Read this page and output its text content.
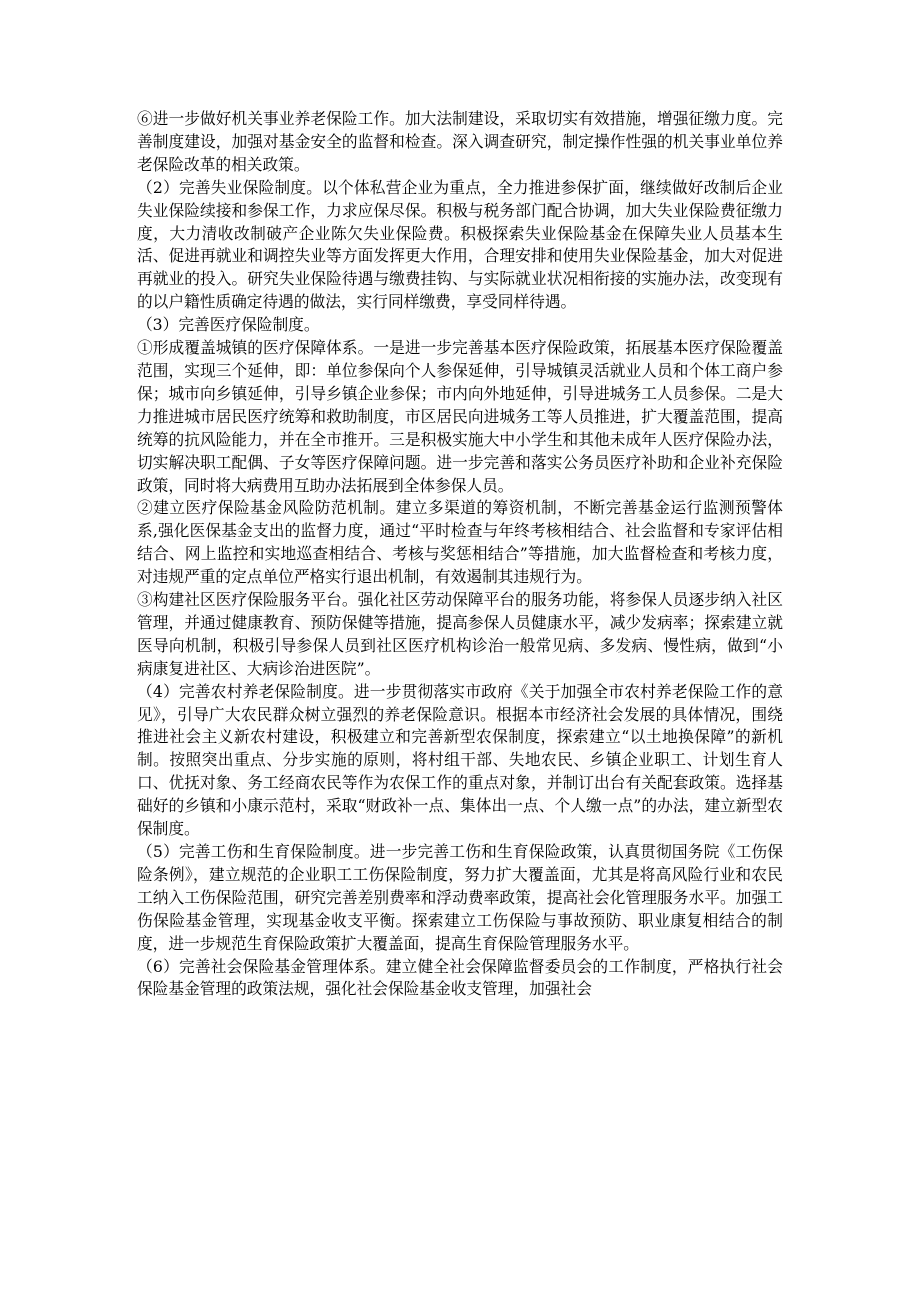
⑥进一步做好机关事业养老保险工作。加大法制建设，采取切实有效措施，增强征缴力度。完善制度建设，加强对基金安全的监督和检查。深入调查研究，制定操作性强的机关事业单位养老保险改革的相关政策。

（2）完善失业保险制度。以个体私营企业为重点，全力推进参保扩面，继续做好改制后企业失业保险续接和参保工作，力求应保尽保。积极与税务部门配合协调，加大失业保险费征缴力度，大力清收改制破产企业陈欠失业保险费。积极探索失业保险基金在保障失业人员基本生活、促进再就业和调控失业等方面发挥更大作用，合理安排和使用失业保险基金，加大对促进再就业的投入。研究失业保险待遇与缴费挂钩、与实际就业状况相衔接的实施办法，改变现有的以户籍性质确定待遇的做法，实行同样缴费，享受同样待遇。

（3）完善医疗保险制度。

①形成覆盖城镇的医疗保障体系。一是进一步完善基本医疗保险政策，拓展基本医疗保险覆盖范围，实现三个延伸，即：单位参保向个人参保延伸，引导城镇灵活就业人员和个体工商户参保；城市向乡镇延伸，引导乡镇企业参保；市内向外地延伸，引导进城务工人员参保。二是大力推进城市居民医疗统筹和救助制度，市区居民向进城务工等人员推进，扩大覆盖范围，提高统筹的抗风险能力，并在全市推开。三是积极实施大中小学生和其他未成年人医疗保险办法，切实解决职工配偶、子女等医疗保障问题。进一步完善和落实公务员医疗补助和企业补充保险政策，同时将大病费用互助办法拓展到全体参保人员。

②建立医疗保险基金风险防范机制。建立多渠道的筹资机制，不断完善基金运行监测预警体系,强化医保基金支出的监督力度，通过“平时检查与年终考核相结合、社会监督和专家评估相结合、网上监控和实地巡查相结合、考核与奖惩相结合”等措施，加大监督检查和考核力度，对违规严重的定点单位严格实行退出机制，有效遏制其违规行为。

③构建社区医疗保险服务平台。强化社区劳动保障平台的服务功能，将参保人员逐步纳入社区管理，并通过健康教育、预防保健等措施，提高参保人员健康水平，减少发病率；探索建立就医导向机制，积极引导参保人员到社区医疗机构诊治一般常见病、多发病、慢性病，做到“小病康复进社区、大病诊治进医院”。

（4）完善农村养老保险制度。进一步贯彻落实市政府《关于加强全市农村养老保险工作的意见》，引导广大农民群众树立强烈的养老保险意识。根据本市经济社会发展的具体情况，围绕推进社会主义新农村建设，积极建立和完善新型农保制度，探索建立“以土地换保障”的新机制。按照突出重点、分步实施的原则，将村组干部、失地农民、乡镇企业职工、计划生育人口、优抚对象、务工经商农民等作为农保工作的重点对象，并制订出台有关配套政策。选择基础好的乡镇和小康示范村，采取“财政补一点、集体出一点、个人缴一点”的办法，建立新型农保制度。

（5）完善工伤和生育保险制度。进一步完善工伤和生育保险政策，认真贯彻国务院《工伤保险条例》，建立规范的企业职工工伤保险制度，努力扩大覆盖面，尤其是将高风险行业和农民工纳入工伤保险范围，研究完善差别费率和浮动费率政策，提高社会化管理服务水平。加强工伤保险基金管理，实现基金收支平衡。探索建立工伤保险与事故预防、职业康复相结合的制度，进一步规范生育保险政策扩大覆盖面，提高生育保险管理服务水平。

（6）完善社会保险基金管理体系。建立健全社会保障监督委员会的工作制度，严格执行社会保险基金管理的政策法规，强化社会保险基金收支管理，加强社会
